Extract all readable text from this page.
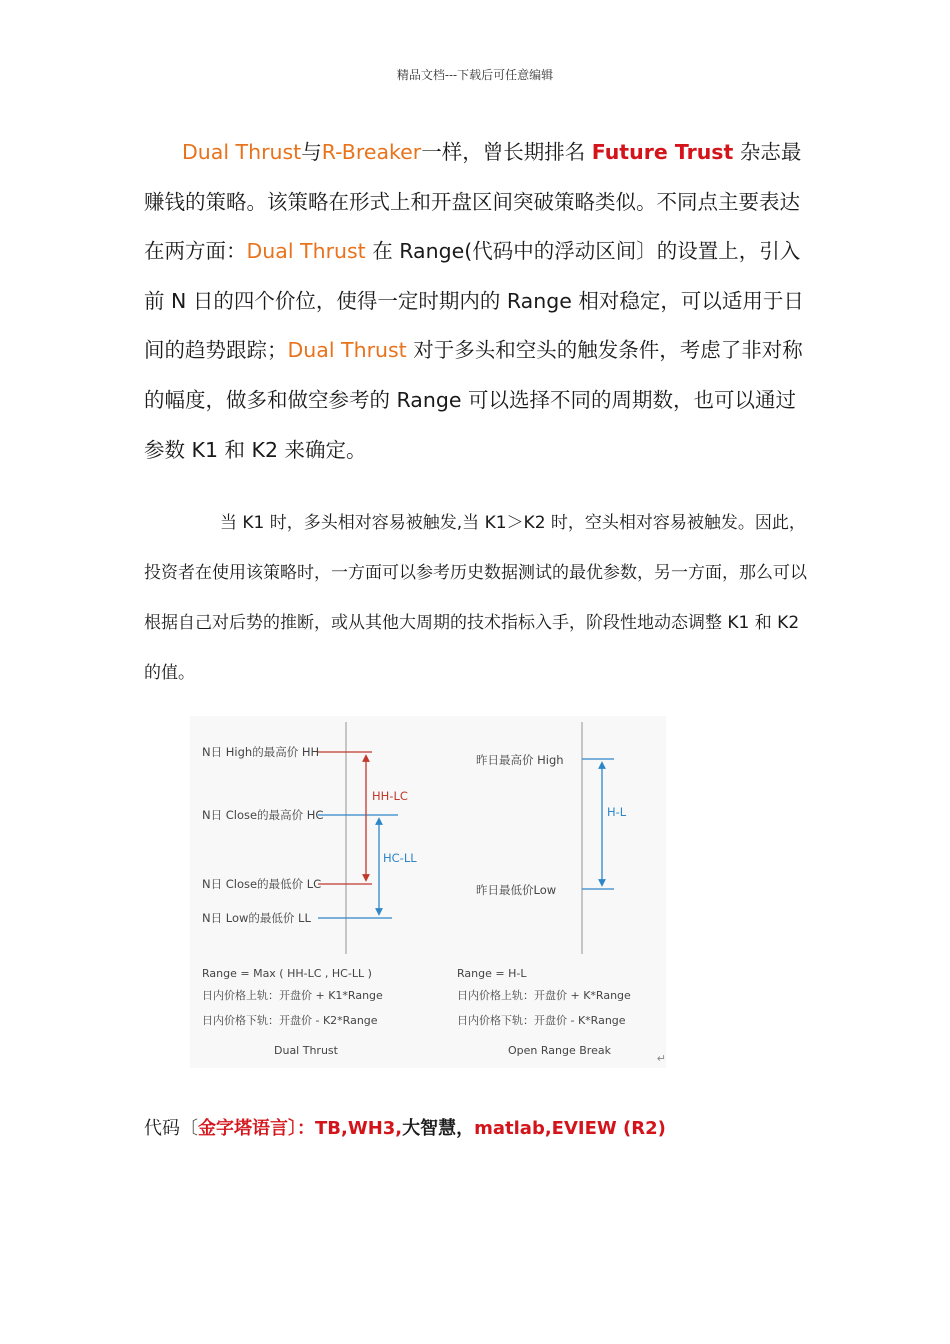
精品文档---下载后可任意编辑
Dual Thrust与R-Breaker一样，曾长期排名 Future Trust 杂志最赚钱的策略。该策略在形式上和开盘区间突破策略类似。不同点主要表达在两方面：Dual Thrust 在 Range(代码中的浮动区间〕的设置上，引入前 N 日的四个价位，使得一定时期内的 Range 相对稳定，可以适用于日间的趋势跟踪；Dual Thrust 对于多头和空头的触发条件，考虑了非对称的幅度，做多和做空参考的 Range 可以选择不同的周期数，也可以通过参数 K1 和 K2 来确定。
当 K1 时，多头相对容易被触发,当 K1＞K2 时，空头相对容易被触发。因此，投资者在使用该策略时，一方面可以参考历史数据测试的最优参数，另一方面，那么可以根据自己对后势的推断，或从其他大周期的技术指标入手，阶段性地动态调整 K1 和 K2 的值。
N日 High的最高价 HH
N日 Close的最高价 HC
N日 Close的最低价 LC
N日 Low的最低价 LL
HH-LC
HC-LL
Range = Max ( HH-LC , HC-LL )
日内价格上轨：开盘价 + K1*Range
日内价格下轨：开盘价 - K2*Range
Dual Thrust
昨日最高价 High
昨日最低价Low
H-L
Range = H-L
日内价格上轨：开盘价 + K*Range
日内价格下轨：开盘价 - K*Range
Open Range Break
↵
代码〔金字塔语言〕：TB,WH3,大智慧，matlab,EVIEW (R2)
